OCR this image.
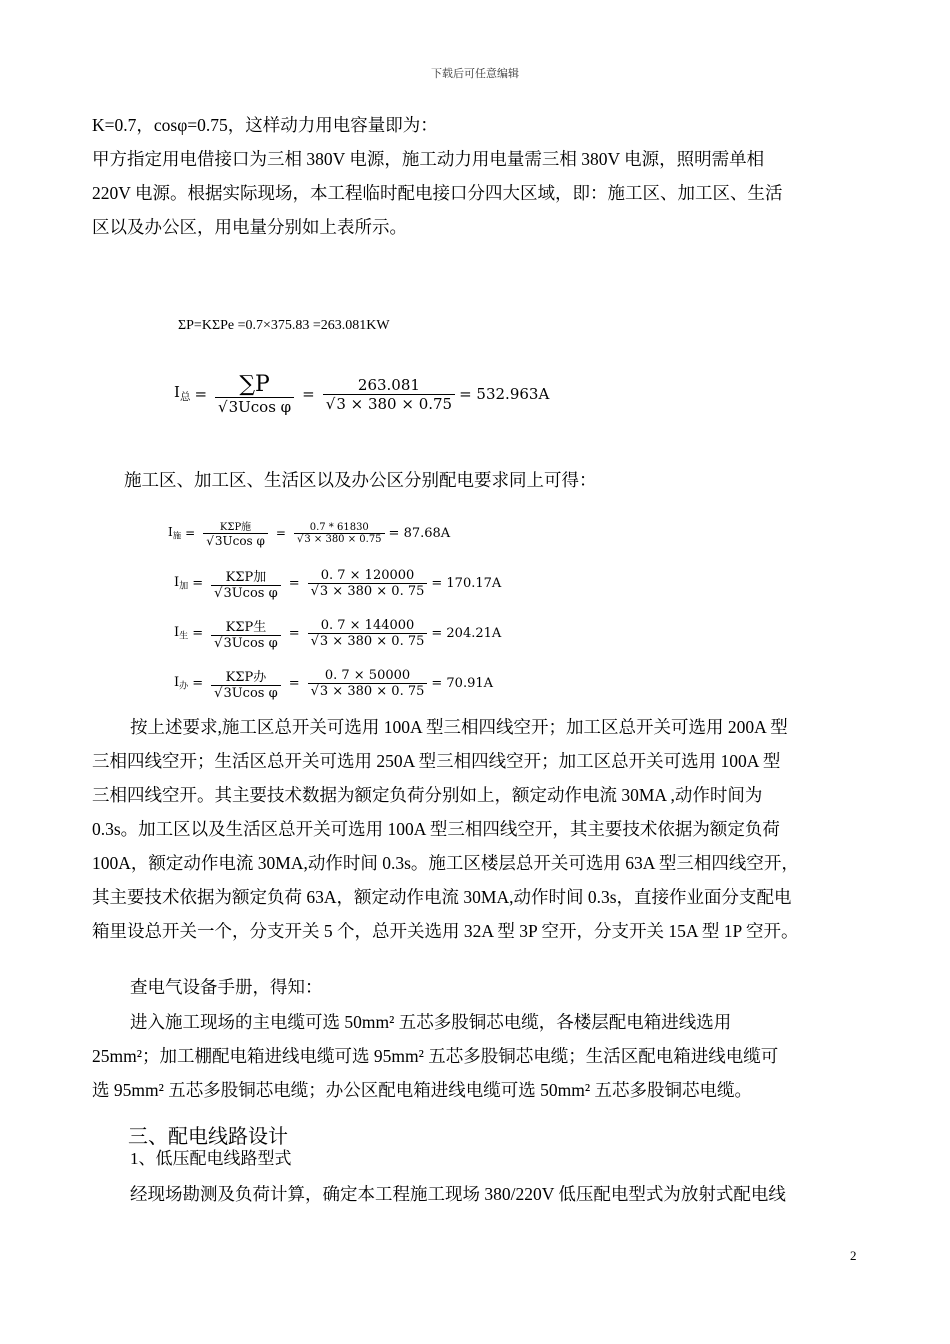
下载后可任意编辑
K=0.7，cosφ=0.75，这样动力用电容量即为：
甲方指定用电借接口为三相 380V 电源，施工动力用电量需三相 380V 电源，照明需单相
220V 电源。根据实际现场，本工程临时配电接口分四大区域，即：施工区、加工区、生活
区以及办公区，用电量分别如上表所示。
ΣP=KΣPe =0.7×375.83 =263.081KW
$I_总 = \frac{\sum P}{\text{√3Ucos φ}} = \frac{263.081}{√3 \times 380 \times 0.75} = 532.963A$
施工区、加工区、生活区以及办公区分别配电要求同上可得：
$I_施 = \frac{\text{KΣP施}}{\text{√3Ucos φ}} = \frac{0.7 * 61830}{√3 \times 380 \times 0.75} = 87.68A$
$I_加 = \frac{\text{KΣP加}}{\text{√3Ucos φ}} = \frac{0. 7 \times 120000}{√3 \times 380 \times 0. 75} = 170.17A$
$I_生 = \frac{\text{KΣP生}}{\text{√3Ucos φ}} = \frac{0. 7 \times 144000}{√3 \times 380 \times 0. 75} = 204.21A$
$I_办 = \frac{\text{KΣP办}}{\text{√3Ucos φ}} = \frac{0. 7 \times 50000}{√3 \times 380 \times 0. 75} = 70.91A$
按上述要求,施工区总开关可选用 100A 型三相四线空开；加工区总开关可选用 200A 型
三相四线空开；生活区总开关可选用 250A 型三相四线空开；加工区总开关可选用 100A 型
三相四线空开。其主要技术数据为额定负荷分别如上，额定动作电流 30MA ,动作时间为
0.3s。加工区以及生活区总开关可选用 100A 型三相四线空开，其主要技术依据为额定负荷
100A，额定动作电流 30MA,动作时间 0.3s。施工区楼层总开关可选用 63A 型三相四线空开，
其主要技术依据为额定负荷 63A，额定动作电流 30MA,动作时间 0.3s，直接作业面分支配电
箱里设总开关一个，分支开关 5 个，总开关选用 32A 型 3P 空开，分支开关 15A 型 1P 空开。
查电气设备手册，得知：
进入施工现场的主电缆可选 50mm² 五芯多股铜芯电缆，各楼层配电箱进线选用
25mm²；加工棚配电箱进线电缆可选 95mm² 五芯多股铜芯电缆；生活区配电箱进线电缆可
选 95mm² 五芯多股铜芯电缆；办公区配电箱进线电缆可选 50mm² 五芯多股铜芯电缆。
三、配电线路设计
1、低压配电线路型式
经现场勘测及负荷计算，确定本工程施工现场 380/220V 低压配电型式为放射式配电线
2
